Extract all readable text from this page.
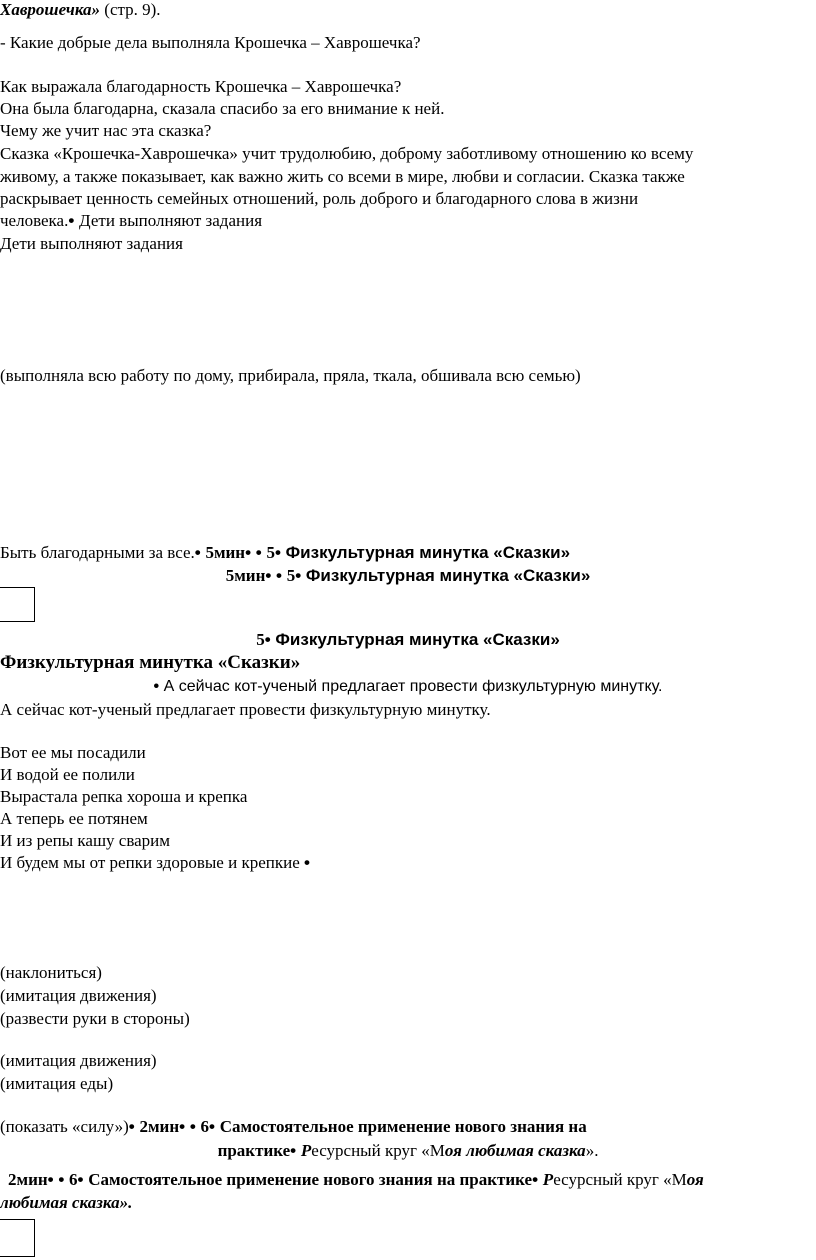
Хаврошечка» (стр. 9).
- Какие добрые дела выполняла Крошечка – Хаврошечка?
Как выражала благодарность Крошечка – Хаврошечка?
Она была благодарна, сказала спасибо за его внимание к ней.
Чему же учит нас эта сказка?
Сказка «Крошечка-Хаврошечка» учит трудолюбию, доброму заботливому отношению ко всему
живому, а также показывает, как важно жить со всеми в мире, любви и согласии. Сказка также
раскрывает ценность семейных отношений, роль доброго и благодарного слова в жизни
человека.• Дети выполняют задания
Дети выполняют задания
(выполняла всю работу по дому, прибирала, пряла, ткала, обшивала всю семью)
Быть благодарными за все.• 5мин• • 5• Физкультурная минутка «Сказки»
5мин• • 5• Физкультурная минутка «Сказки»
5• Физкультурная минутка «Сказки»
Физкультурная минутка «Сказки»
• А сейчас кот-ученый предлагает провести физкультурную минутку.
А сейчас кот-ученый предлагает провести физкультурную минутку.
Вот ее мы посадили
И водой ее полили
Вырастала репка хороша и крепка
А теперь ее потянем
И из репы кашу сварим
И будем мы от репки здоровые и крепкие •
(наклониться)
(имитация движения)
(развести руки в стороны)
(имитация движения)
(имитация еды)
(показать «силу»)• 2мин• • 6• Самостоятельное применение нового знания на
практике• Ресурсный круг «Моя любимая сказка».
2мин• • 6• Самостоятельное применение нового знания на практике• Ресурсный круг «Моя
любимая сказка».
